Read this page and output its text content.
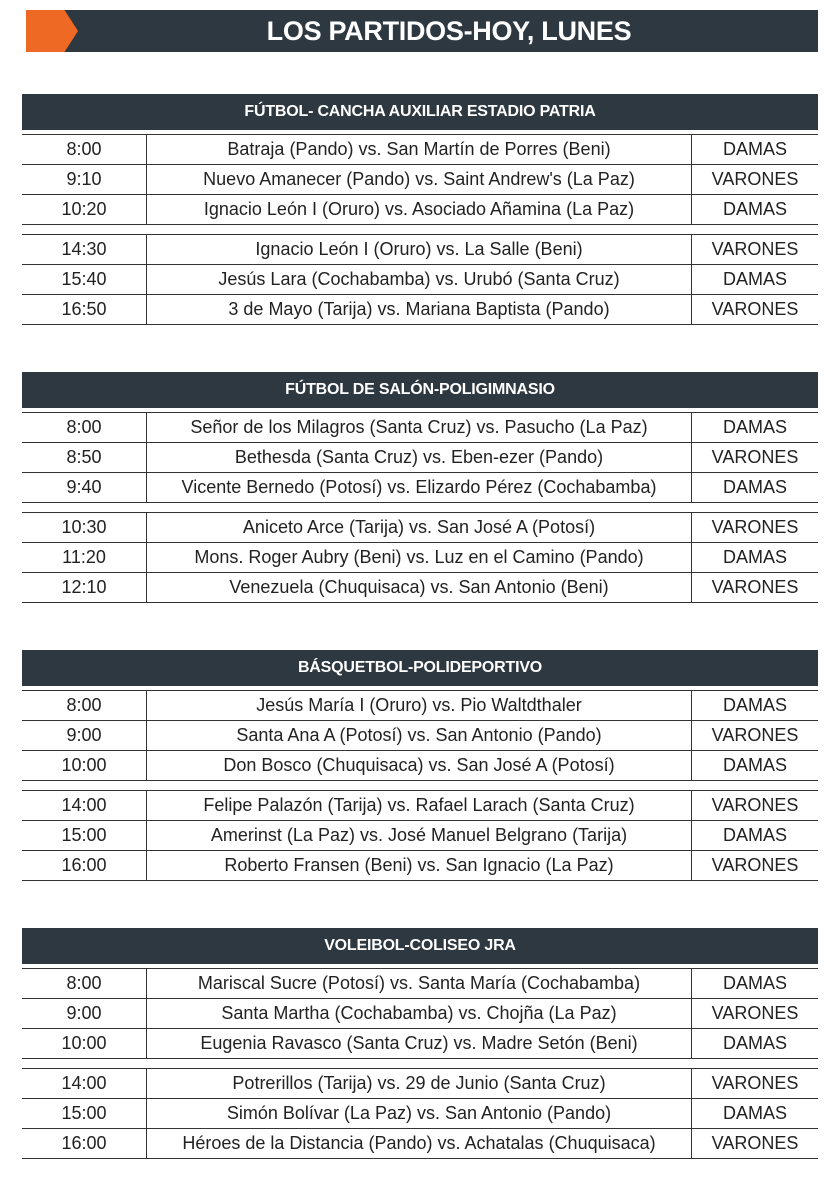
LOS PARTIDOS-HOY, LUNES
FÚTBOL- CANCHA AUXILIAR ESTADIO PATRIA
8:00	Batraja (Pando) vs. San Martín de Porres (Beni)	DAMAS
9:10	Nuevo Amanecer (Pando) vs. Saint Andrew's (La Paz)	VARONES
10:20	Ignacio León I (Oruro) vs. Asociado Añamina (La Paz)	DAMAS
14:30	Ignacio León I (Oruro) vs. La Salle (Beni)	VARONES
15:40	Jesús Lara (Cochabamba) vs. Urubó (Santa Cruz)	DAMAS
16:50	3 de Mayo (Tarija) vs. Mariana Baptista (Pando)	VARONES
FÚTBOL DE SALÓN-POLIGIMNASIO
8:00	Señor de los Milagros (Santa Cruz) vs. Pasucho (La Paz)	DAMAS
8:50	Bethesda (Santa Cruz) vs. Eben-ezer (Pando)	VARONES
9:40	Vicente Bernedo (Potosí) vs. Elizardo Pérez (Cochabamba)	DAMAS
10:30	Aniceto Arce (Tarija) vs. San José A (Potosí)	VARONES
11:20	Mons. Roger Aubry (Beni) vs. Luz en el Camino (Pando)	DAMAS
12:10	Venezuela (Chuquisaca) vs. San Antonio (Beni)	VARONES
BÁSQUETBOL-POLIDEPORTIVO
8:00	Jesús María I (Oruro) vs. Pio Waltdthaler	DAMAS
9:00	Santa Ana A (Potosí) vs. San Antonio (Pando)	VARONES
10:00	Don Bosco (Chuquisaca) vs. San José A (Potosí)	DAMAS
14:00	Felipe Palazón (Tarija) vs. Rafael Larach (Santa Cruz)	VARONES
15:00	Amerinst (La Paz) vs. José Manuel Belgrano (Tarija)	DAMAS
16:00	Roberto Fransen (Beni) vs. San Ignacio (La Paz)	VARONES
VOLEIBOL-COLISEO JRA
8:00	Mariscal Sucre (Potosí) vs. Santa María (Cochabamba)	DAMAS
9:00	Santa Martha (Cochabamba) vs. Chojña (La Paz)	VARONES
10:00	Eugenia Ravasco (Santa Cruz) vs. Madre Setón (Beni)	DAMAS
14:00	Potrerillos (Tarija) vs. 29 de Junio (Santa Cruz)	VARONES
15:00	Simón Bolívar (La Paz) vs. San Antonio (Pando)	DAMAS
16:00	Héroes de la Distancia (Pando) vs. Achatalas (Chuquisaca)	VARONES
